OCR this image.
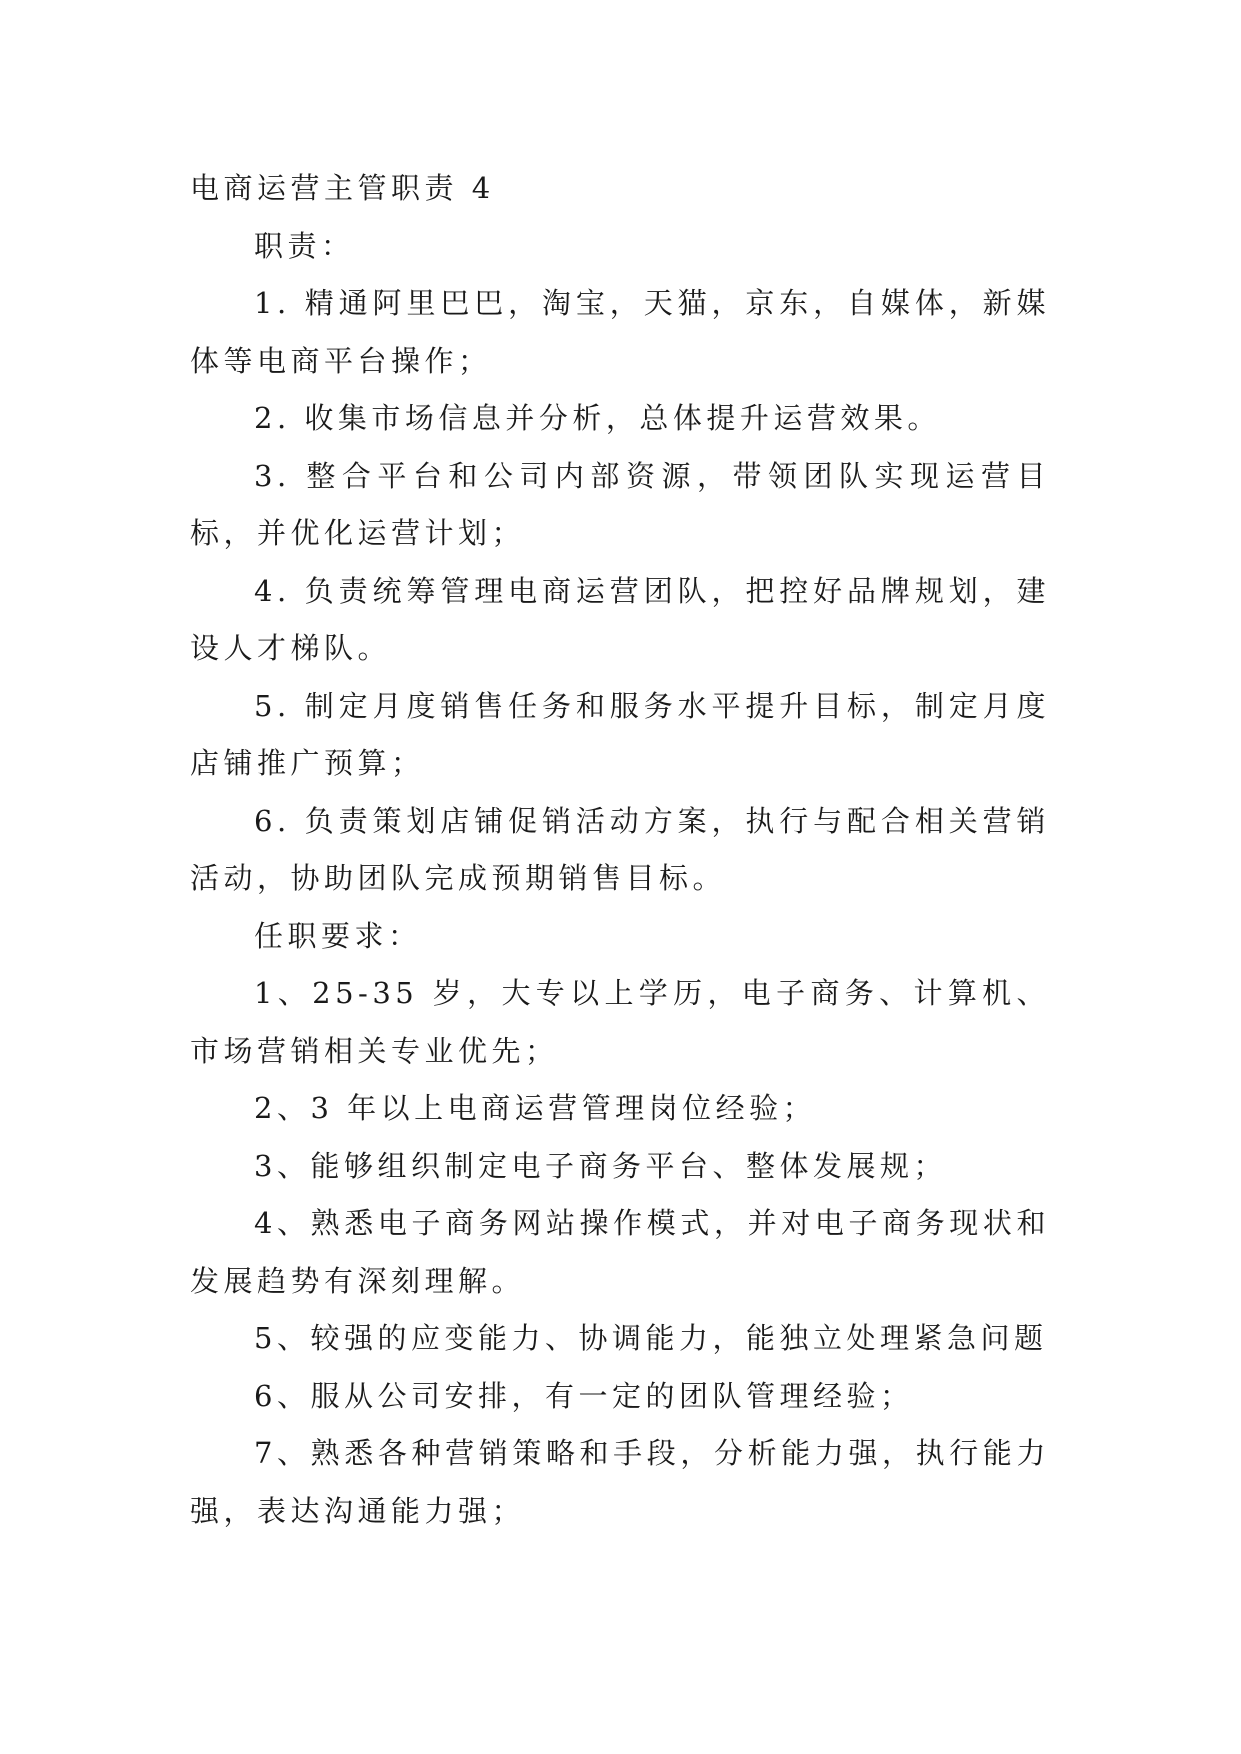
电商运营主管职责 4

职责：

1. 精通阿里巴巴，淘宝，天猫，京东，自媒体，新媒体等电商平台操作；

2. 收集市场信息并分析，总体提升运营效果。

3. 整合平台和公司内部资源，带领团队实现运营目标，并优化运营计划；

4. 负责统筹管理电商运营团队，把控好品牌规划，建设人才梯队。

5. 制定月度销售任务和服务水平提升目标，制定月度店铺推广预算；

6. 负责策划店铺促销活动方案，执行与配合相关营销活动，协助团队完成预期销售目标。

任职要求：

1、25-35 岁，大专以上学历，电子商务、计算机、市场营销相关专业优先；

2、3 年以上电商运营管理岗位经验；

3、能够组织制定电子商务平台、整体发展规；

4、熟悉电子商务网站操作模式，并对电子商务现状和发展趋势有深刻理解。

5、较强的应变能力、协调能力，能独立处理紧急问题

6、服从公司安排，有一定的团队管理经验；

7、熟悉各种营销策略和手段，分析能力强，执行能力强，表达沟通能力强；
